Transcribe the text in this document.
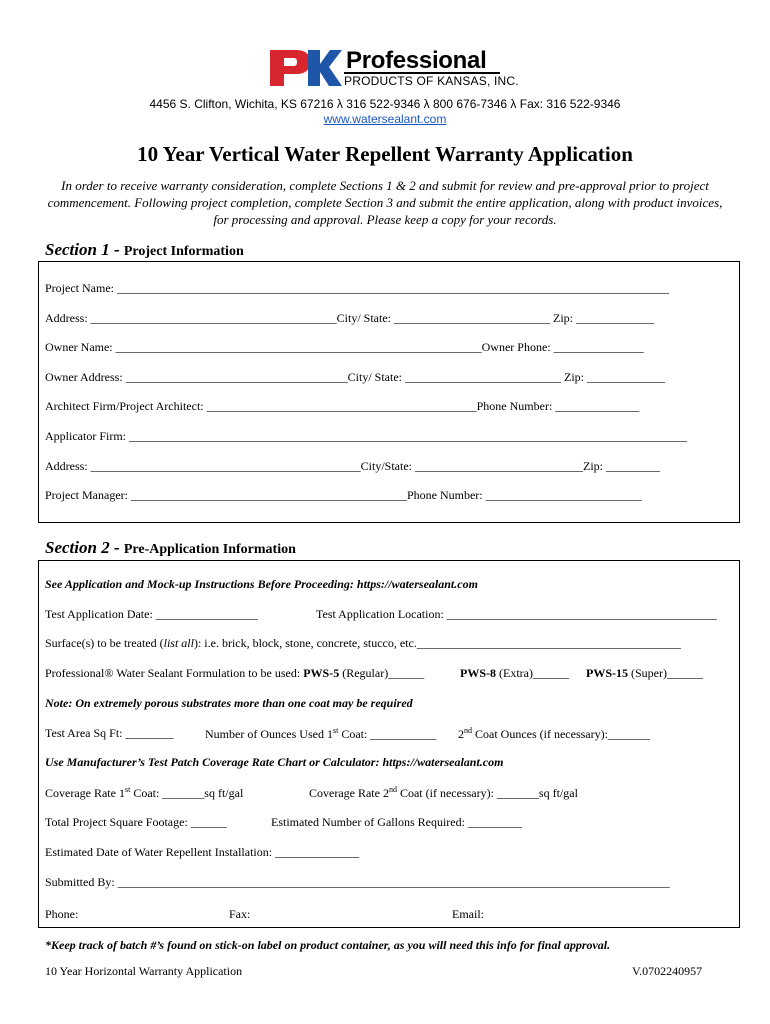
Professional
PRODUCTS OF KANSAS, INC.
4456 S. Clifton, Wichita, KS 67216 λ 316 522-9346 λ 800 676-7346 λ Fax: 316 522-9346
www.watersealant.com
10 Year Vertical Water Repellent Warranty Application
In order to receive warranty consideration, complete Sections 1 & 2 and submit for review and pre-approval prior to project commencement. Following project completion, complete Section 3 and submit the entire application, along with product invoices, for processing and approval. Please keep a copy for your records.
Section 1 - Project Information
Project Name: ____________________________________________________________________________________________
Address: _________________________________________City/ State: __________________________ Zip: _____________
Owner Name: _____________________________________________________________Owner Phone: _______________
Owner Address: _____________________________________City/ State: __________________________ Zip: _____________
Architect Firm/Project Architect: _____________________________________________Phone Number: ______________
Applicator Firm: _____________________________________________________________________________________________
Address: _____________________________________________City/State: ____________________________Zip: _________
Project Manager: ______________________________________________Phone Number: __________________________
Section 2 - Pre-Application Information
See Application and Mock-up Instructions Before Proceeding: https://watersealant.com
Test Application Date: _________________	Test Application Location: _____________________________________________
Surface(s) to be treated (list all): i.e. brick, block, stone, concrete, stucco, etc.____________________________________________
Professional® Water Sealant Formulation to be used: PWS-5 (Regular)______	PWS-8 (Extra)______ PWS-15 (Super)______
Note: On extremely porous substrates more than one coat may be required
Test Area Sq Ft: ________	Number of Ounces Used 1st Coat: ___________ 2nd Coat Ounces (if necessary):_______
Use Manufacturer’s Test Patch Coverage Rate Chart or Calculator: https://watersealant.com
Coverage Rate 1st Coat: _______sq ft/gal	Coverage Rate 2nd Coat (if necessary): _______sq ft/gal
Total Project Square Footage: ______	Estimated Number of Gallons Required: _________
Estimated Date of Water Repellent Installation: ______________
Submitted By: ____________________________________________________________________________________________
Phone:	Fax:	Email:
*Keep track of batch #’s found on stick-on label on product container, as you will need this info for final approval.
10 Year Horizontal Warranty Application	V.0702240957
